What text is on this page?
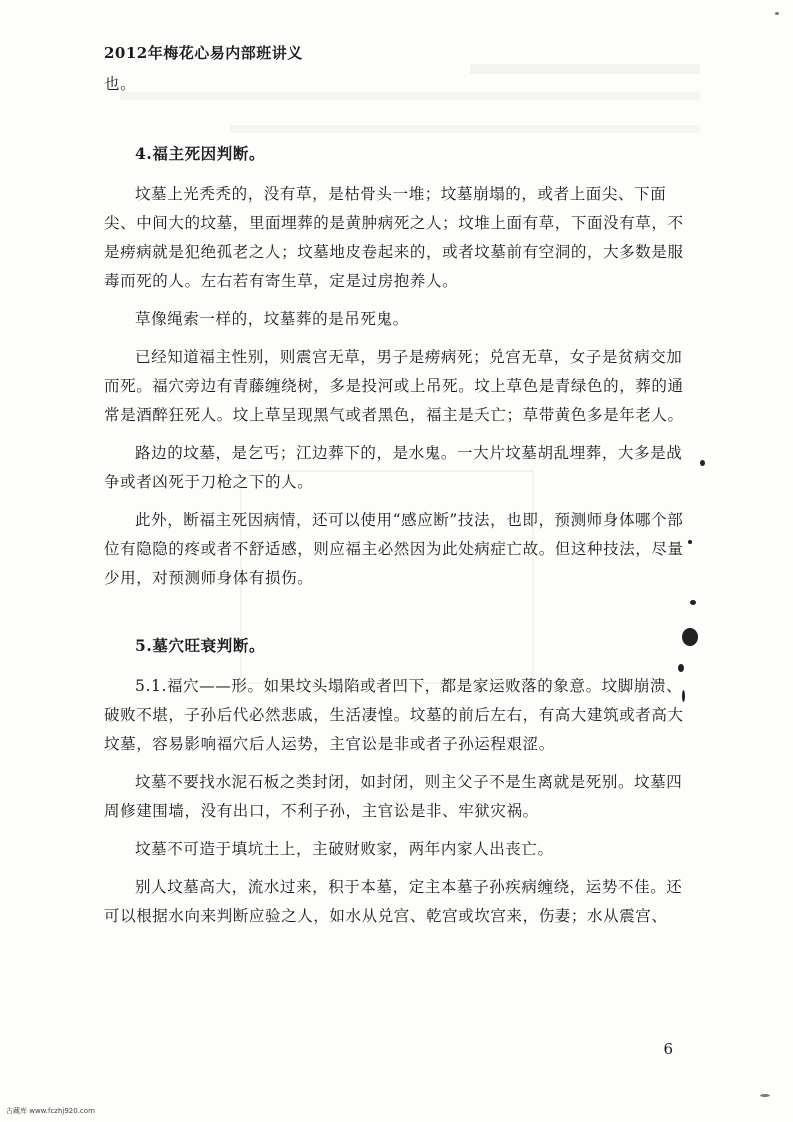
2012年梅花心易内部班讲义

也。

4.福主死因判断。

坟墓上光秃秃的，没有草，是枯骨头一堆；坟墓崩塌的，或者上面尖、下面尖、中间大的坟墓，里面埋葬的是黄肿病死之人；坟堆上面有草，下面没有草，不是痨病就是犯绝孤老之人；坟墓地皮卷起来的，或者坟墓前有空洞的，大多数是服毒而死的人。左右若有寄生草，定是过房抱养人。

草像绳索一样的，坟墓葬的是吊死鬼。

已经知道福主性别，则震宫无草，男子是痨病死；兑宫无草，女子是贫病交加而死。福穴旁边有青藤缠绕树，多是投河或上吊死。坟上草色是青绿色的，葬的通常是酒醉狂死人。坟上草呈现黑气或者黑色，福主是夭亡；草带黄色多是年老人。

路边的坟墓，是乞丐；江边葬下的，是水鬼。一大片坟墓胡乱埋葬，大多是战争或者凶死于刀枪之下的人。

此外，断福主死因病情，还可以使用“感应断”技法，也即，预测师身体哪个部位有隐隐的疼或者不舒适感，则应福主必然因为此处病症亡故。但这种技法，尽量少用，对预测师身体有损伤。

5.墓穴旺衰判断。

5.1.福穴——形。如果坟头塌陷或者凹下，都是家运败落的象意。坟脚崩溃、破败不堪，子孙后代必然悲戚，生活凄惶。坟墓的前后左右，有高大建筑或者高大坟墓，容易影响福穴后人运势，主官讼是非或者子孙运程艰涩。

坟墓不要找水泥石板之类封闭，如封闭，则主父子不是生离就是死别。坟墓四周修建围墙，没有出口，不利子孙，主官讼是非、牢狱灾祸。

坟墓不可造于填坑土上，主破财败家，两年内家人出丧亡。

别人坟墓高大，流水过来，积于本墓，定主本墓子孙疾病缠绕，运势不佳。还可以根据水向来判断应验之人，如水从兑宫、乾宫或坎宫来，伤妻；水从震宫、

6
古藏库 www.fczhj920.com
